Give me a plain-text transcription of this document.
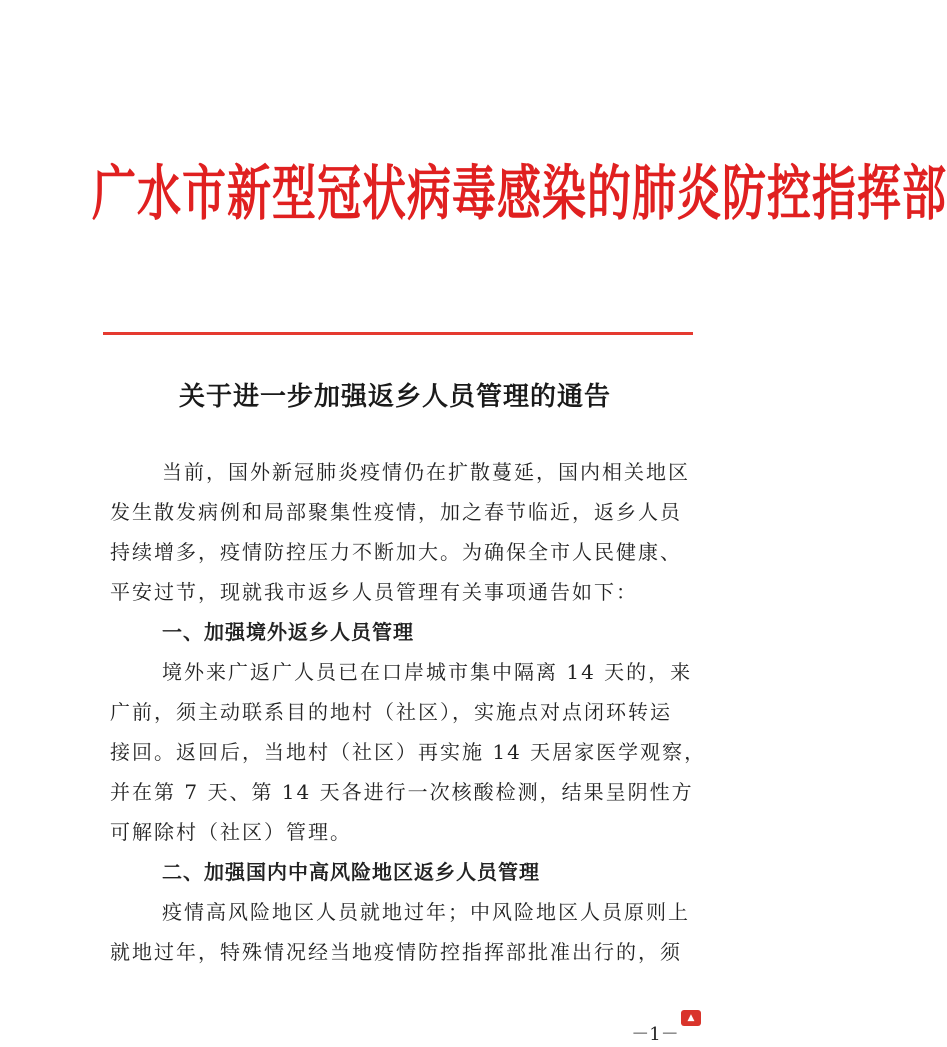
广水市新型冠状病毒感染的肺炎防控指挥部
关于进一步加强返乡人员管理的通告
当前，国外新冠肺炎疫情仍在扩散蔓延，国内相关地区
发生散发病例和局部聚集性疫情，加之春节临近，返乡人员
持续增多，疫情防控压力不断加大。为确保全市人民健康、
平安过节，现就我市返乡人员管理有关事项通告如下：
一、加强境外返乡人员管理
境外来广返广人员已在口岸城市集中隔离 14 天的，来
广前，须主动联系目的地村（社区），实施点对点闭环转运
接回。返回后，当地村（社区）再实施 14 天居家医学观察，
并在第 7 天、第 14 天各进行一次核酸检测，结果呈阴性方
可解除村（社区）管理。
二、加强国内中高风险地区返乡人员管理
疫情高风险地区人员就地过年；中风险地区人员原则上
就地过年，特殊情况经当地疫情防控指挥部批准出行的，须
▲
－1－
